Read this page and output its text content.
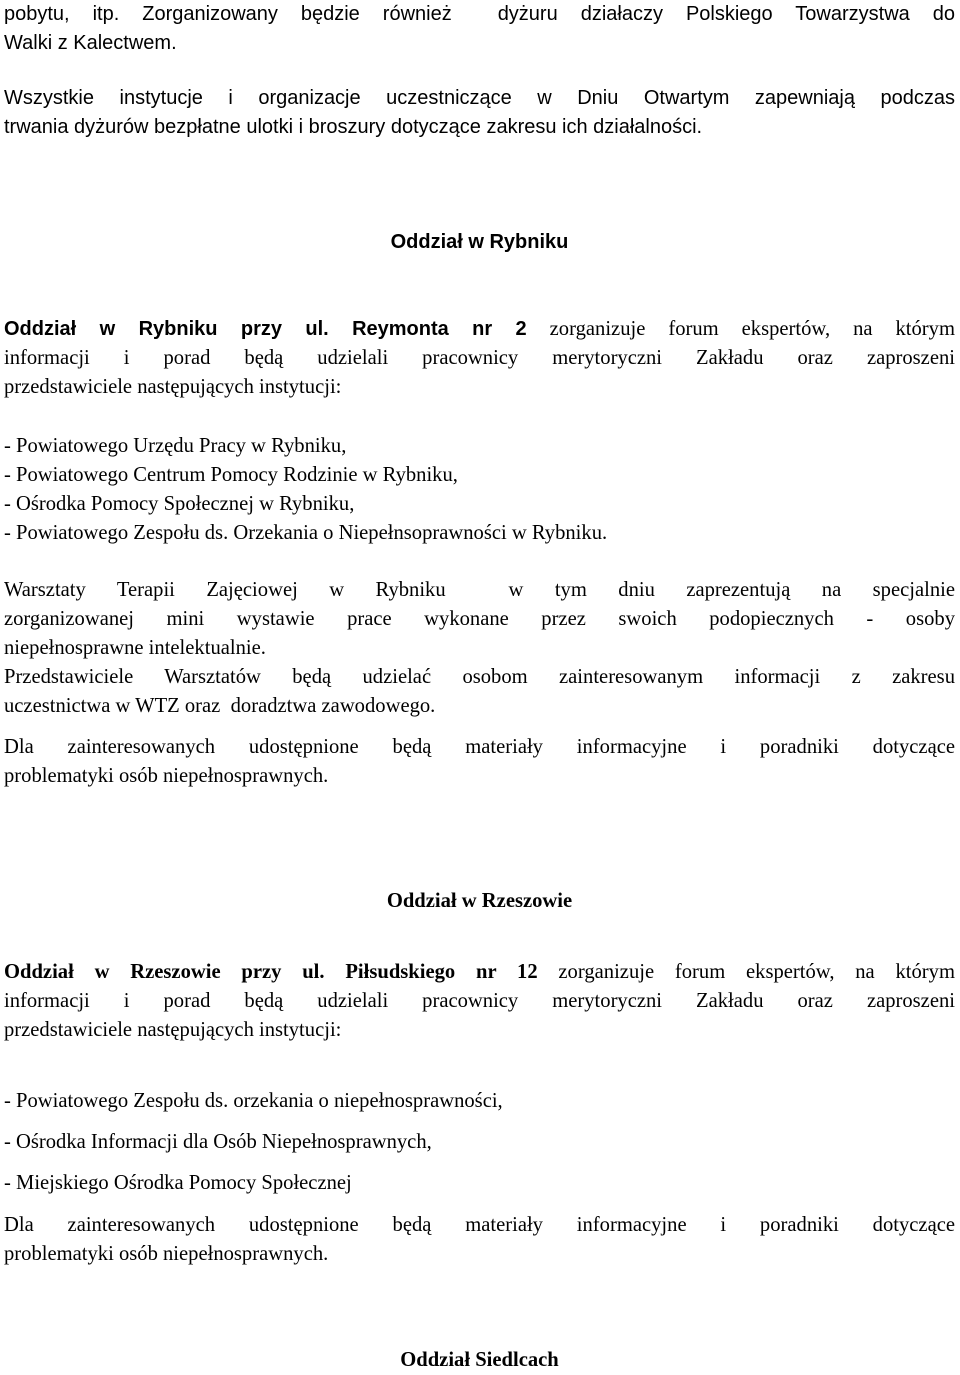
pobytu, itp. Zorganizowany będzie również dyżuru działaczy Polskiego Towarzystwa do

Walki z Kalectwem.

Wszystkie instytucje i organizacje uczestniczące w Dniu Otwartym zapewniają podczas

trwania dyżurów bezpłatne ulotki i broszury dotyczące zakresu ich działalności.

Oddział w Rybniku

Oddział w Rybniku przy ul. Reymonta nr 2 zorganizuje forum ekspertów, na którym

informacji i porad będą udzielali pracownicy merytoryczni Zakładu oraz zaproszeni

przedstawiciele następujących instytucji:

- Powiatowego Urzędu Pracy w Rybniku,

- Powiatowego Centrum Pomocy Rodzinie w Rybniku,

- Ośrodka Pomocy Społecznej w Rybniku,

- Powiatowego Zespołu ds. Orzekania o Niepełnsoprawności w Rybniku.

Warsztaty Terapii Zajęciowej w Rybniku  w tym dniu zaprezentują na specjalnie

zorganizowanej mini wystawie prace wykonane przez swoich podopiecznych - osoby

niepełnosprawne intelektualnie.

Przedstawiciele Warsztatów będą udzielać osobom zainteresowanym informacji z zakresu

uczestnictwa w WTZ oraz  doradztwa zawodowego.

Dla zainteresowanych udostępnione będą materiały informacyjne i poradniki dotyczące

problematyki osób niepełnosprawnych.

Oddział w Rzeszowie

Oddział w Rzeszowie przy ul. Piłsudskiego nr 12 zorganizuje forum ekspertów, na którym

informacji i porad będą udzielali pracownicy merytoryczni Zakładu oraz zaproszeni

przedstawiciele następujących instytucji:

- Powiatowego Zespołu ds. orzekania o niepełnosprawności,

- Ośrodka Informacji dla Osób Niepełnosprawnych,

- Miejskiego Ośrodka Pomocy Społecznej

Dla zainteresowanych udostępnione będą materiały informacyjne i poradniki dotyczące

problematyki osób niepełnosprawnych.

Oddział Siedlcach
